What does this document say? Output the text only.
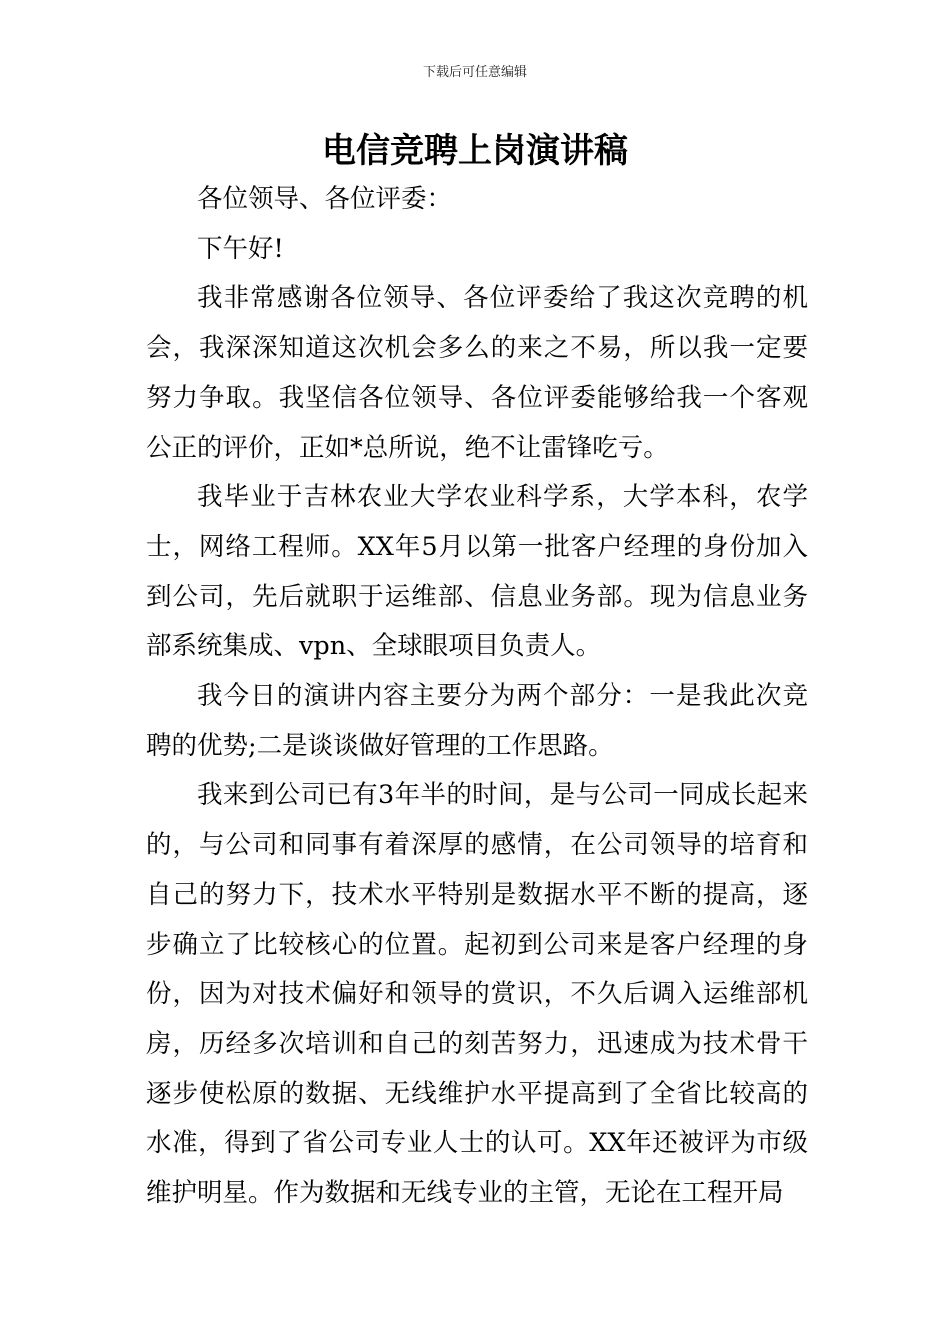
下载后可任意编辑
电信竞聘上岗演讲稿

各位领导、各位评委：

下午好!

我非常感谢各位领导、各位评委给了我这次竞聘的机会，我深深知道这次机会多么的来之不易，所以我一定要努力争取。我坚信各位领导、各位评委能够给我一个客观公正的评价，正如*总所说，绝不让雷锋吃亏。

我毕业于吉林农业大学农业科学系，大学本科，农学士，网络工程师。XX年5月以第一批客户经理的身份加入到公司，先后就职于运维部、信息业务部。现为信息业务部系统集成、vpn、全球眼项目负责人。

我今日的演讲内容主要分为两个部分：一是我此次竞聘的优势;二是谈谈做好管理的工作思路。

我来到公司已有3年半的时间，是与公司一同成长起来的，与公司和同事有着深厚的感情，在公司领导的培育和自己的努力下，技术水平特别是数据水平不断的提高，逐步确立了比较核心的位置。起初到公司来是客户经理的身份，因为对技术偏好和领导的赏识，不久后调入运维部机房，历经多次培训和自己的刻苦努力，迅速成为技术骨干逐步使松原的数据、无线维护水平提高到了全省比较高的水准，得到了省公司专业人士的认可。XX年还被评为市级维护明星。作为数据和无线专业的主管，无论在工程开局
